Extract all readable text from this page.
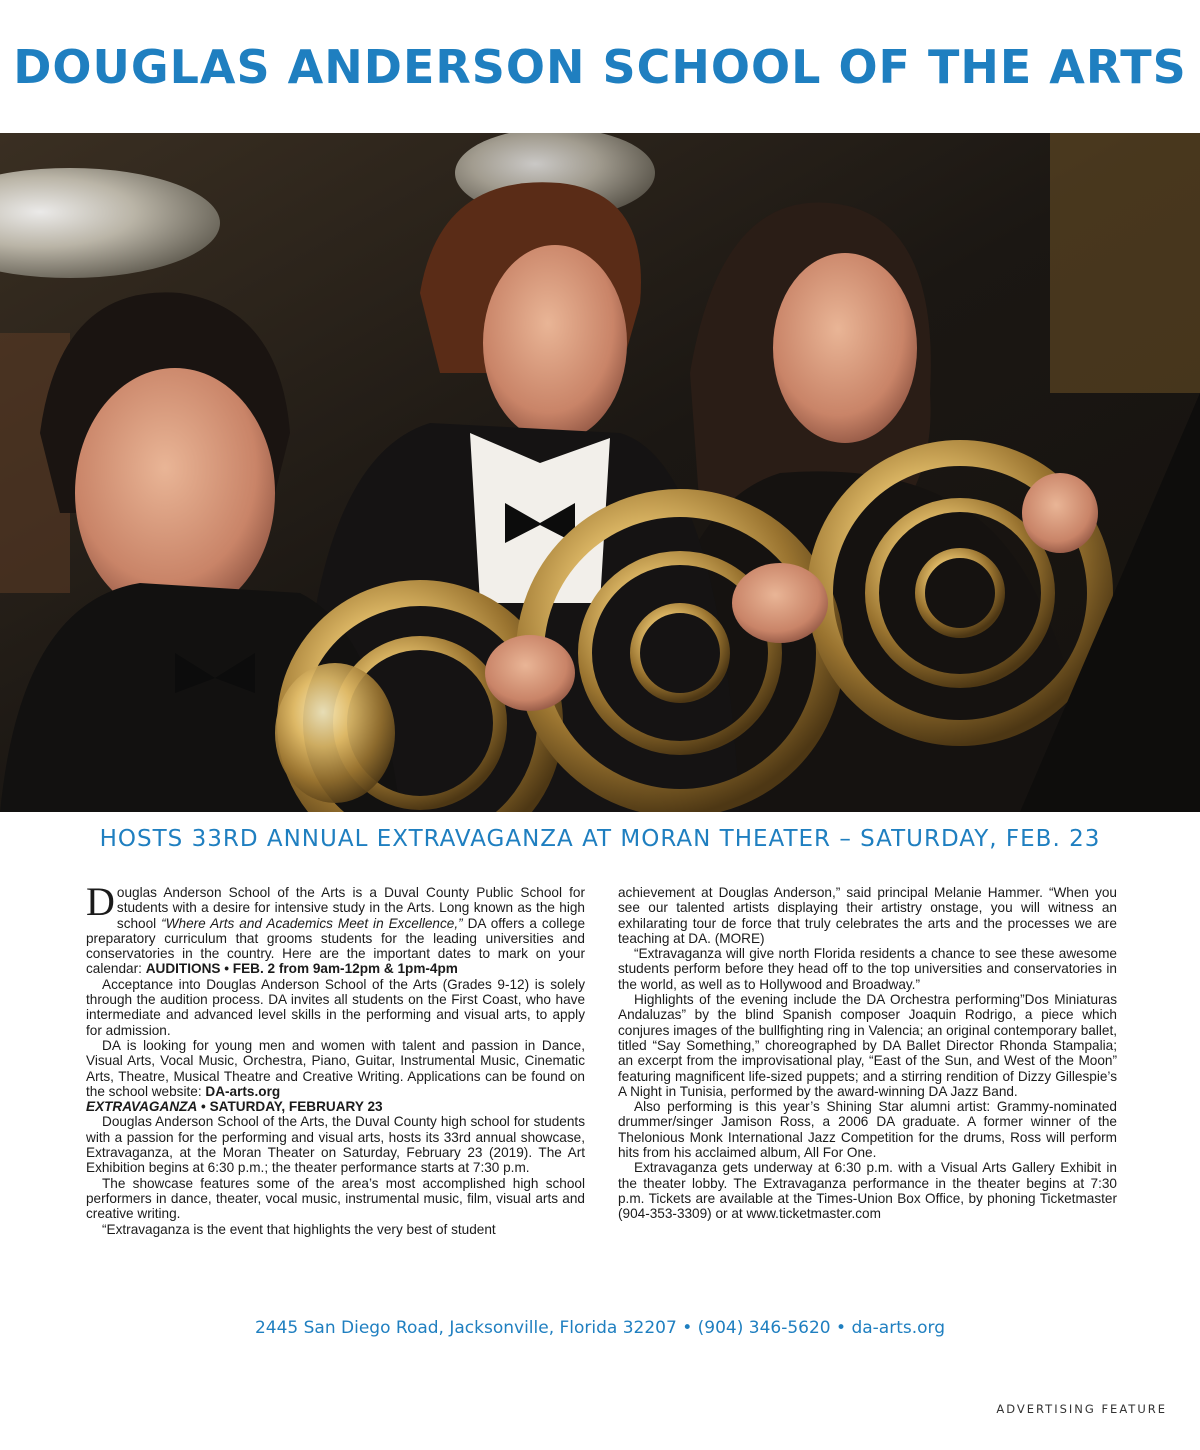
DOUGLAS ANDERSON SCHOOL OF THE ARTS
HOSTS 33RD ANNUAL EXTRAVAGANZA AT MORAN THEATER – SATURDAY, FEB. 23

Douglas Anderson School of the Arts is a Duval County Public School for students with a desire for intensive study in the Arts. Long known as the high school “Where Arts and Academics Meet in Excellence,” DA offers a college preparatory curriculum that grooms students for the leading universities and conservatories in the country. Here are the important dates to mark on your calendar: AUDITIONS • FEB. 2 from 9am-12pm & 1pm-4pm

Acceptance into Douglas Anderson School of the Arts (Grades 9-12) is solely through the audition process. DA invites all students on the First Coast, who have intermediate and advanced level skills in the performing and visual arts, to apply for admission.

DA is looking for young men and women with talent and passion in Dance, Visual Arts, Vocal Music, Orchestra, Piano, Guitar, Instrumental Music, Cinematic Arts, Theatre, Musical Theatre and Creative Writing. Applications can be found on the school website: DA-arts.org

EXTRAVAGANZA • SATURDAY, FEBRUARY 23

Douglas Anderson School of the Arts, the Duval County high school for students with a passion for the performing and visual arts, hosts its 33rd annual showcase, Extravaganza, at the Moran Theater on Saturday, February 23 (2019). The Art Exhibition begins at 6:30 p.m.; the theater performance starts at 7:30 p.m.

The showcase features some of the area’s most accomplished high school performers in dance, theater, vocal music, instrumental music, film, visual arts and creative writing.

“Extravaganza is the event that highlights the very best of student

achievement at Douglas Anderson,” said principal Melanie Hammer. “When you see our talented artists displaying their artistry onstage, you will witness an exhilarating tour de force that truly celebrates the arts and the processes we are teaching at DA. (MORE)

“Extravaganza will give north Florida residents a chance to see these awesome students perform before they head off to the top universities and conservatories in the world, as well as to Hollywood and Broadway.”

Highlights of the evening include the DA Orchestra performing”Dos Miniaturas Andaluzas” by the blind Spanish composer Joaquin Rodrigo, a piece which conjures images of the bullfighting ring in Valencia; an original contemporary ballet, titled “Say Something,” choreographed by DA Ballet Director Rhonda Stampalia; an excerpt from the improvisational play, “East of the Sun, and West of the Moon” featuring magnificent life-sized puppets; and a stirring rendition of Dizzy Gillespie’s A Night in Tunisia, performed by the award-winning DA Jazz Band.

Also performing is this year’s Shining Star alumni artist: Grammy-nominated drummer/singer Jamison Ross, a 2006 DA graduate. A former winner of the Thelonious Monk International Jazz Competition for the drums, Ross will perform hits from his acclaimed album, All For One.

Extravaganza gets underway at 6:30 p.m. with a Visual Arts Gallery Exhibit in the theater lobby. The Extravaganza performance in the theater begins at 7:30 p.m. Tickets are available at the Times-Union Box Office, by phoning Ticketmaster (904-353-3309) or at www.ticketmaster.com

2445 San Diego Road, Jacksonville, Florida 32207 • (904) 346-5620 • da-arts.org
ADVERTISING FEATURE
